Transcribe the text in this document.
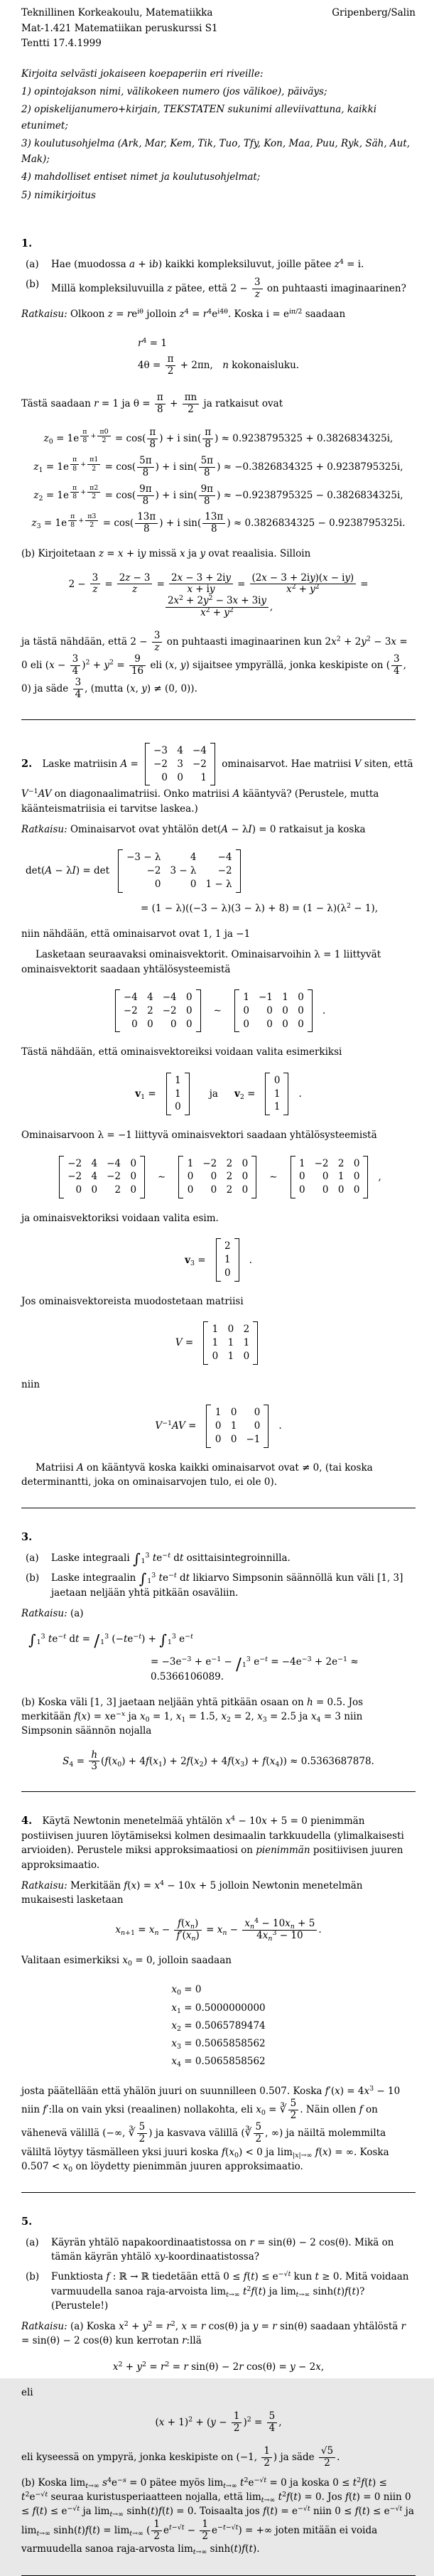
Teknillinen Korkeakoulu, Matematiikka	Gripenberg/Salin
Mat-1.421 Matematiikan peruskurssi S1
Tentti 17.4.1999
Kirjoita selvästi jokaiseen koepaperiin eri riveille:
1) opintojakson nimi, välikokeen numero (jos välikoe), päiväys;
2) opiskelijanumero+kirjain, TEKSTATEN sukunimi alleviivattuna, kaikki etunimet;
3) koulutusohjelma (Ark, Mar, Kem, Tik, Tuo, Tfy, Kon, Maa, Puu, Ryk, Säh, Aut, Mak);
4) mahdolliset entiset nimet ja koulutusohjelmat;
5) nimikirjoitus
1.
(a)	Hae (muodossa a + ib) kaikki kompleksiluvut, joille pätee $z^4 = i$.
(b)	Millä kompleksiluvuilla z pätee, että $2 - \frac{3}{z}$ on puhtaasti imaginaarinen?

Ratkaisu: Olkoon $z = re^{i\theta}$ jolloin $z^4 = r^4e^{i4\theta}$. Koska $i = e^{i\pi/2}$ saadaan

$r^4 = 1$
$4\theta = \frac{\pi}{2} + 2\pi n$, n kokonaisluku.

Tästä saadaan r = 1 ja $\theta = \frac{\pi}{8} + \frac{\pi n}{2}$ ja ratkaisut ovat

$z_0 = 1e$ $^{\frac{\pi}{8} + \frac{\pi 0}{2}} = \cos( \frac{\pi}{8}$ ) + i $\sin( \frac{\pi}{8}$ ) ≈ 0.9238795325 + 0.3826834325i,
$z_1 = 1e$ $^{\frac{\pi}{8} + \frac{\pi 1}{2}} = \cos( \frac{5\pi}{8}$ ) + i $\sin( \frac{5\pi}{8}$ ) ≈ −0.3826834325 + 0.9238795325i,
$z_2 = 1e$ $^{\frac{\pi}{8} + \frac{\pi 2}{2}} = \cos( \frac{9\pi}{8}$ ) + i $\sin( \frac{9\pi}{8}$ ) ≈ −0.9238795325 − 0.3826834325i,
$z_3 = 1e$ $^{\frac{\pi}{8} + \frac{\pi 3}{2}} = \cos( \frac{13\pi}{8}$ ) + i $\sin( \frac{13\pi}{8}$ ) ≈ 0.3826834325 − 0.9238795325i.

(b) Kirjoitetaan z = x + iy missä x ja y ovat reaalisia. Silloin

$2 - \frac{3}{z} = \frac{2z - 3}{z} = \frac{2x - 3 + 2iy}{x + iy} = \frac{(2x - 3 + 2iy)(x - iy)}{x^2 + y^2}$ =
$\frac{2x^2 + 2y^2 - 3x + 3iy}{x^2 + y^2}$ ,

ja tästä nähdään, että $2 - \frac{3}{z}$ on puhtaasti imaginaarinen kun $2x^2 + 2y^2 - 3x = 0$ eli $(x - \frac{3}{4} )^2 + y^2 = \frac{9}{16}$ eli (x, y) sijaitsee ympyrällä, jonka keskipiste on ( $\frac{3}{4}$ , 0) ja säde $\frac{3}{4}$ , (mutta (x, y) ≠ (0, 0)).

2. Laske matriisin A =
−3 4 −4
−2 3 −2
0 0	1
ominaisarvot. Hae matriisi V siten, että $V^{-1}AV$ on diagonaalimatriisi. Onko matriisi A kääntyvä? (Perustele, mutta käänteismatriisia ei tarvitse laskea.)

Ratkaisu: Ominaisarvot ovat yhtälön det(A − λI) = 0 ratkaisut ja koska

det(A − λI) = det
−3 − λ	4	−4
−2 3 − λ	−2
0	0 1 − λ
= $(1 - \lambda)((-3 - \lambda)(3 - \lambda) + 8) = (1 - \lambda)(\lambda^2 - 1)$,

niin nähdään, että ominaisarvot ovat 1, 1 ja −1

Lasketaan seuraavaksi ominaisvektorit. Ominaisarvoihin λ = 1 liittyvät ominaisvektorit saadaan yhtälösysteemistä

−4 4 −4 0
−2 2 −2 0
0 0	0 0
∼
1 −1 1 0
0	0 0 0
0	0 0 0
.

Tästä nähdään, että ominaisvektoreiksi voidaan valita esimerkiksi

$v_1$ =
1
1
0
ja $v_2$ =
0
1
1
.

Ominaisarvoon λ = −1 liittyvä ominaisvektori saadaan yhtälösysteemistä

−2 4 −4 0
−2 4 −2 0
0 0	2 0
∼
1 −2 2 0
0	0 2 0
0	0 2 0
∼
1 −2 2 0
0	0 1 0
0	0 0 0
,

ja ominaisvektoriksi voidaan valita esim.

$v_3$ =
2
1
0
.

Jos ominaisvektoreista muodostetaan matriisi

V =
1 0 2
1 1 1
0 1 0

niin

$V^{-1}AV$ =
1 0	0
0 1	0
0 0 −1
.

Matriisi A on kääntyvä koska kaikki ominaisarvot ovat ≠ 0, (tai koska determinantti, joka on ominaisarvojen tulo, ei ole 0).

3.
(a)	Laske integraali $\int_1^3$ $te^{-t}$ dt osittaisintegroinnilla.
(b)	Laske integraalin $\int_1^3$ $te^{-t}$ dt likiarvo Simpsonin säännöllä kun väli [1, 3] jaetaan neljään yhtä pitkään osaväliin.

Ratkaisu: (a)

$\int_1^3$ $te^{-t}$ dt = $/_1^3$ $(-te^{-t}) + \int_1^3$ $e^{-t}$
= $-3e^{-3} + e^{-1} - /_1^3$ $e^{-t} = -4e^{-3} + 2e^{-1} \approx 0.5366106089$.

(b) Koska väli [1, 3] jaetaan neljään yhtä pitkään osaan on h = 0.5. Jos merkitään $f(x) = xe^{-x}$ ja $x_0 = 1$, $x_1 = 1.5$, $x_2 = 2$, $x_3 = 2.5$ ja $x_4 = 3$ niin Simpsonin säännön nojalla

$S_4 = \frac{h}{3} (f(x_0) + 4f(x_1) + 2f(x_2) + 4f(x_3) + f(x_4)) \approx 0.5363687878$.

4. Käytä Newtonin menetelmää yhtälön $x^4 - 10x + 5 = 0$ pienimmän postiivisen juuren löytämiseksi kolmen desimaalin tarkkuudella (ylimalkaisesti arvioiden). Perustele miksi approksimaatiosi on pienimmän positiivisen juuren approksimaatio.

Ratkaisu: Merkitään $f(x) = x^4 - 10x + 5$ jolloin Newtonin menetelmän mukaisesti lasketaan

$x_{n+1} = x_n - \frac{f(x_n)}{f'(x_n)} = x_n - \frac{x_n^4 - 10x_n + 5}{4x_n^3 - 10}$ .

Valitaan esimerkiksi $x_0 = 0$, jolloin saadaan

$x_0 = 0$
$x_1 = 0.5000000000$
$x_2 = 0.5065789474$
$x_3 = 0.5065858562$
$x_4 = 0.5065858562$

josta päätellään että yhälön juuri on suunnilleen 0.507. Koska $f'(x) = 4x^3 - 10$ niin f′:lla on vain yksi (reaalinen) nollakohta, eli $x_0$ = ∛ $\frac{5}{2}$ . Näin ollen f on vähenevä välillä (−∞, ∛ $\frac{5}{2}$ ) ja kasvava välillä (∛ $\frac{5}{2}$ , ∞) ja näiltä molemmilta väliltä löytyy täsmälleen yksi juuri koska $f(x_0) < 0$ ja $\lim_{|x|\to\infty} f(x)$ = ∞. Koska $0.507 < x_0$ on löydetty pienimmän juuren approksimaatio.

5.
(a)	Käyrän yhtälö napakoordinaatistossa on r = sin(θ) − 2 cos(θ). Mikä on tämän käyrän yhtälö xy-koordinaatistossa?
(b)	Funktiosta f : ℝ → ℝ tiedetään että $0 \le f(t) \le e^{-√t}$ kun t ≥ 0. Mitä voidaan varmuudella sanoa raja-arvoista $\lim_{t\to\infty} t^2f(t)$ ja $\lim_{t\to\infty} \sinh(t)f(t)$? (Perustele!)

Ratkaisu: (a) Koska $x^2 + y^2 = r^2$, x = r cos(θ) ja y = r sin(θ) saadaan yhtälöstä r = sin(θ) − 2 cos(θ) kun kerrotan r:llä

$x^2 + y^2 = r^2 = r$ sin(θ) − 2r cos(θ) = y − 2x,

eli

$(x + 1)^2 + (y - \frac{1}{2} )^2 = \frac{5}{4}$ ,

eli kyseessä on ympyrä, jonka keskipiste on (−1, $\frac{1}{2}$ ) ja säde $\frac{√5}{2}$ .

(b) Koska $\lim_{t\to\infty} s^4e^{-s} = 0$ pätee myös $\lim_{t\to\infty} t^2e^{-√t} = 0$ ja koska $0 \le t^2f(t) \le t^2e^{-√t}$ seuraa kuristusperiaatteen nojalla, että $\lim_{t\to\infty} t^2f(t) = 0$. Jos f(t) = 0 niin $0 \le f(t) \le e^{-√t}$ ja $\lim_{t\to\infty} \sinh(t)f(t) = 0$. Toisaalta jos $f(t) = e^{-√t}$ niin $0 \le f(t) \le e^{-√t}$ ja $\lim_{t\to\infty} \sinh(t)f(t) = \lim_{t\to\infty}$ ( $\frac{1}{2} e^{t-√t} - \frac{1}{2} e^{-t-√t}$) = +∞ joten mitään ei voida varmuudella sanoa raja-arvosta $\lim_{t\to\infty} \sinh(t)f(t)$.
